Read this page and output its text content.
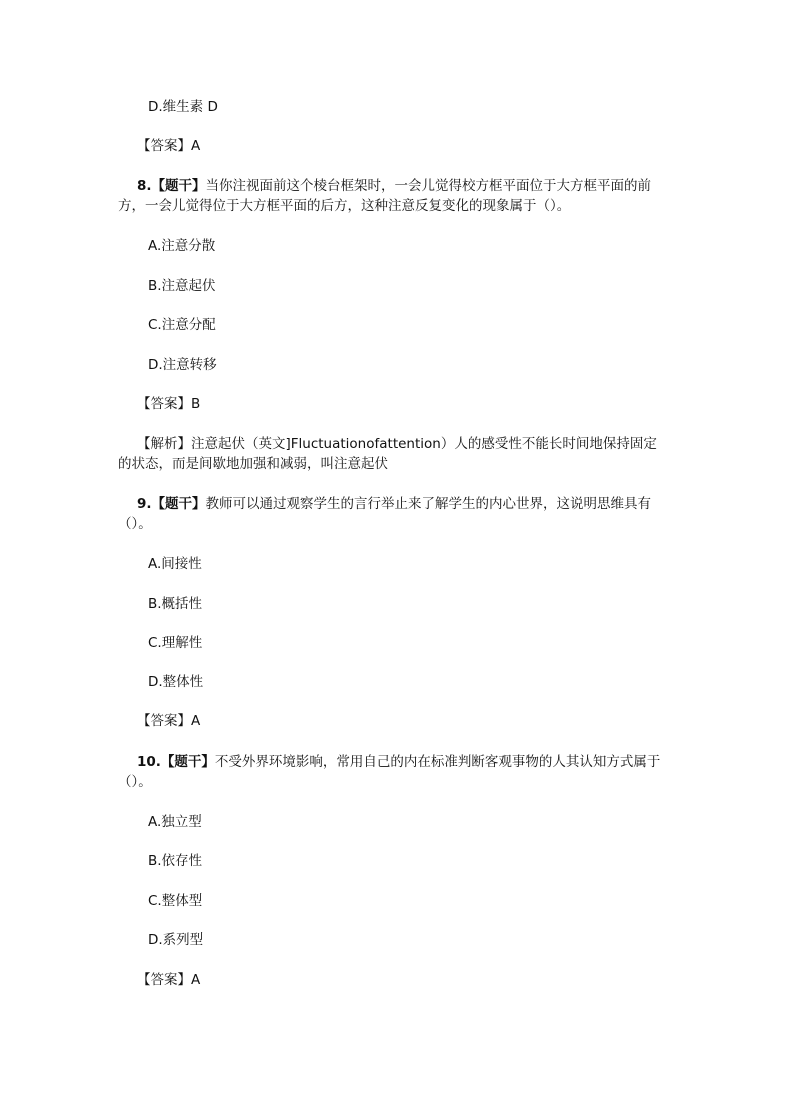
D.维生素 D

【答案】A

8.【题干】当你注视面前这个棱台框架时，一会儿觉得校方框平面位于大方框平面的前方，一会儿觉得位于大方框平面的后方，这种注意反复变化的现象属于（）。

A.注意分散

B.注意起伏

C.注意分配

D.注意转移

【答案】B

【解析】注意起伏（英文]Fluctuationofattention）人的感受性不能长时间地保持固定的状态，而是间歇地加强和减弱，叫注意起伏

9.【题干】教师可以通过观察学生的言行举止来了解学生的内心世界，这说明思维具有（）。

A.间接性

B.概括性

C.理解性

D.整体性

【答案】A

10.【题干】不受外界环境影响，常用自己的内在标准判断客观事物的人其认知方式属于（）。

A.独立型

B.依存性

C.整体型

D.系列型

【答案】A
